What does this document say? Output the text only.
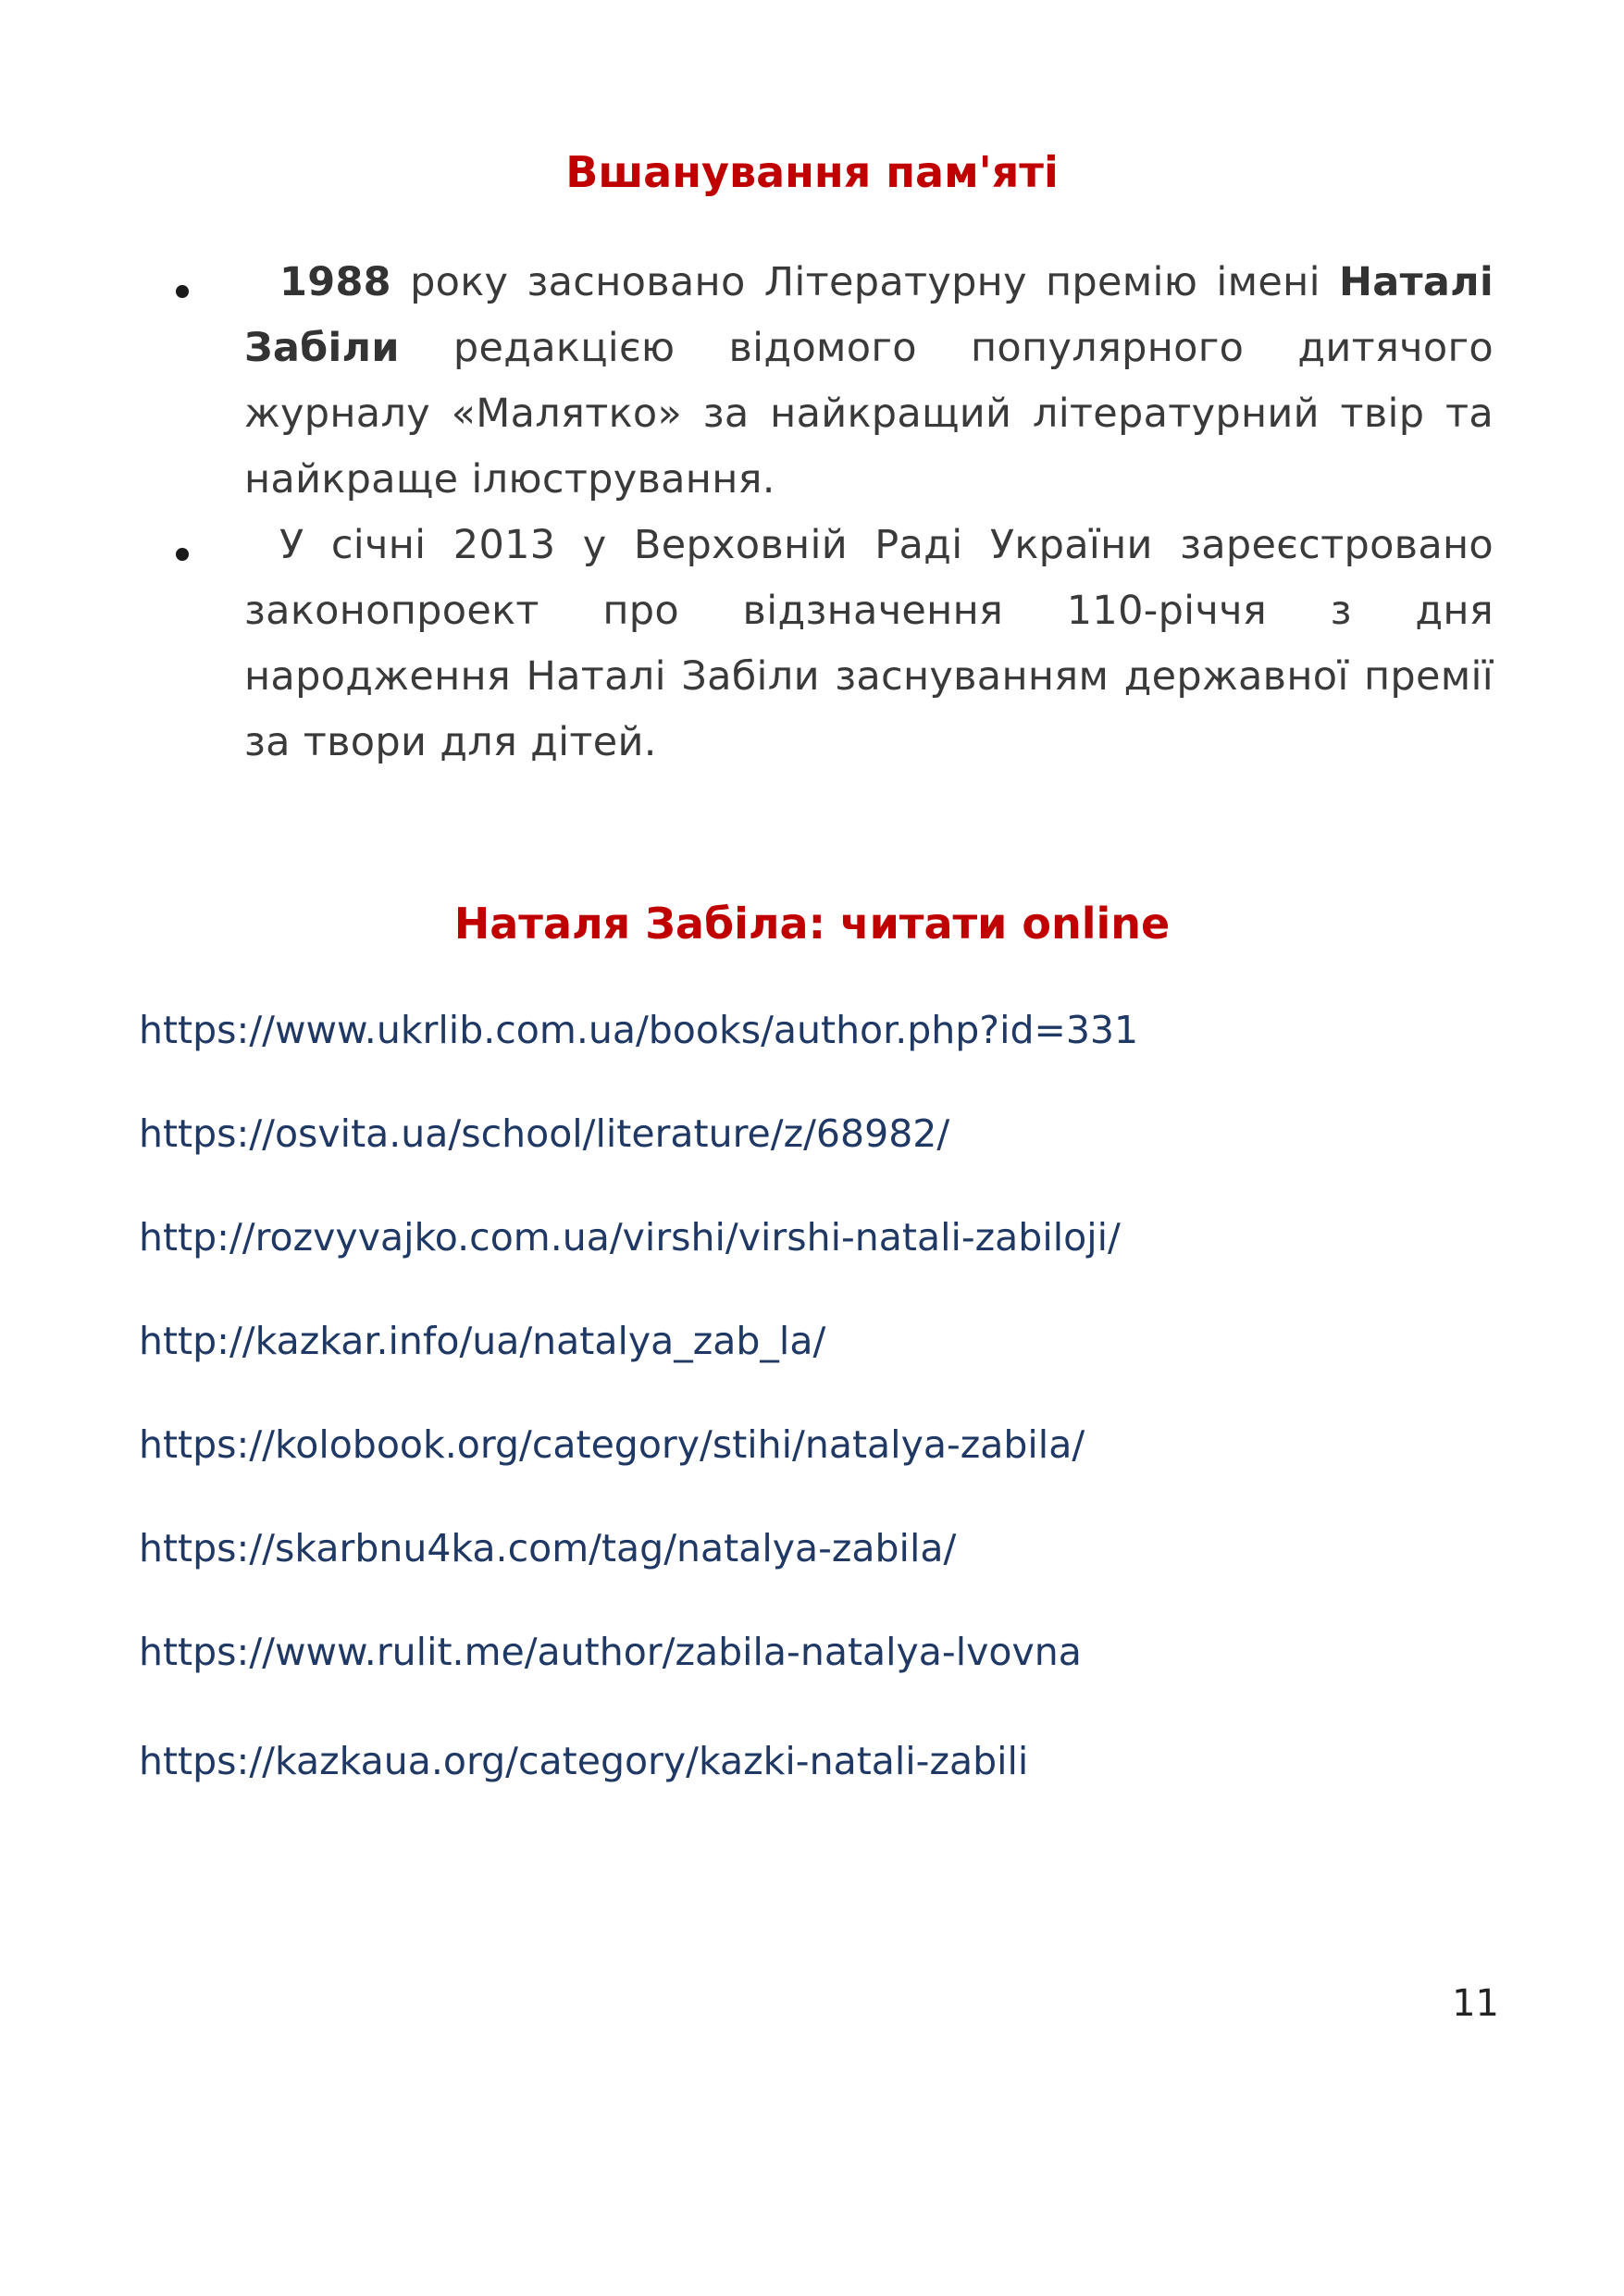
Вшанування пам'яті

1988 року засновано Літературну премію імені Наталі Забіли редакцією відомого популярного дитячого журналу «Малятко» за найкращий літературний твір та найкраще ілюстрування.

У січні 2013 у Верховній Раді України зареєстровано законопроект про відзначення 110-річчя з дня народження Наталі Забіли заснуванням державної премії за твори для дітей.

Наталя Забіла: читати online
https://www.ukrlib.com.ua/books/author.php?id=331
https://osvita.ua/school/literature/z/68982/
http://rozvyvajko.com.ua/virshi/virshi-natali-zabiloji/
http://kazkar.info/ua/natalya_zab_la/
https://kolobook.org/category/stihi/natalya-zabila/
https://skarbnu4ka.com/tag/natalya-zabila/
https://www.rulit.me/author/zabila-natalya-lvovna
https://kazkaua.org/category/kazki-natali-zabili
11
